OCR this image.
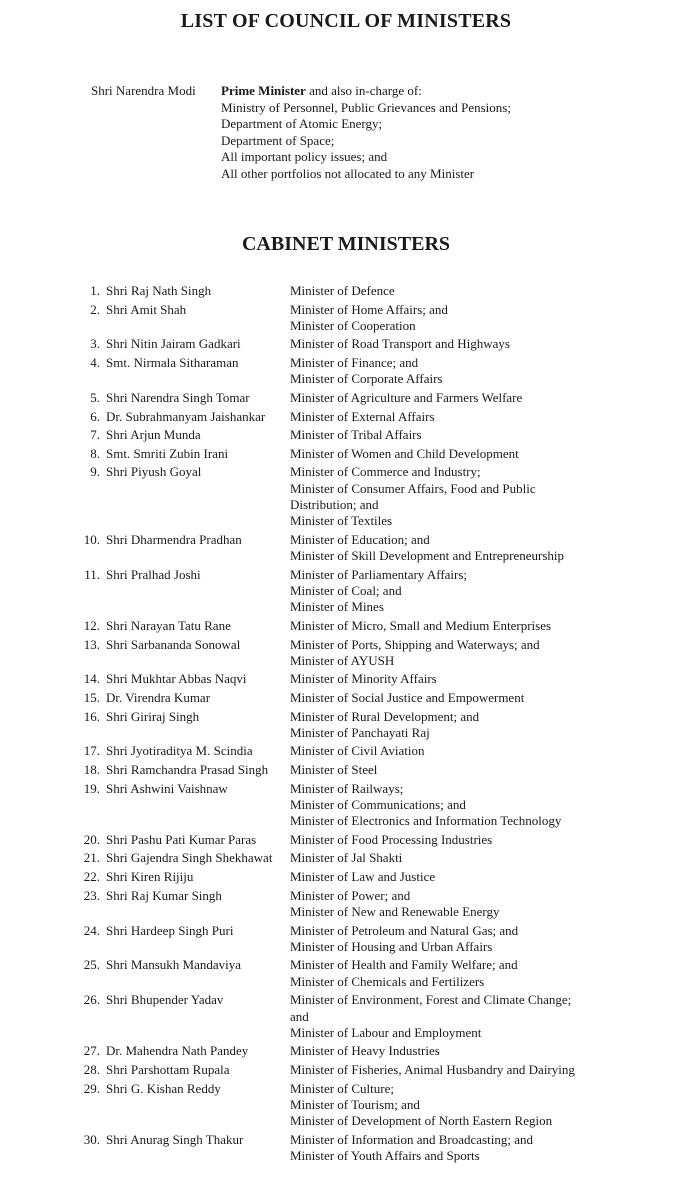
LIST OF COUNCIL OF MINISTERS
Shri Narendra Modi Prime Minister and also in-charge of:
Ministry of Personnel, Public Grievances and Pensions;
Department of Atomic Energy;
Department of Space;
All important policy issues; and
All other portfolios not allocated to any Minister
CABINET MINISTERS
1. Shri Raj Nath Singh	Minister of Defence
2. Shri Amit Shah	Minister of Home Affairs; and
Minister of Cooperation
3. Shri Nitin Jairam Gadkari	Minister of Road Transport and Highways
4. Smt. Nirmala Sitharaman	Minister of Finance; and
Minister of Corporate Affairs
5. Shri Narendra Singh Tomar	Minister of Agriculture and Farmers Welfare
6. Dr. Subrahmanyam Jaishankar	Minister of External Affairs
7. Shri Arjun Munda	Minister of Tribal Affairs
8. Smt. Smriti Zubin Irani	Minister of Women and Child Development
9. Shri Piyush Goyal	Minister of Commerce and Industry;
Minister of Consumer Affairs, Food and Public
Distribution; and
Minister of Textiles
10. Shri Dharmendra Pradhan	Minister of Education; and
Minister of Skill Development and Entrepreneurship
11. Shri Pralhad Joshi	Minister of Parliamentary Affairs;
Minister of Coal; and
Minister of Mines
12. Shri Narayan Tatu Rane	Minister of Micro, Small and Medium Enterprises
13. Shri Sarbananda Sonowal	Minister of Ports, Shipping and Waterways; and
Minister of AYUSH
14. Shri Mukhtar Abbas Naqvi	Minister of Minority Affairs
15. Dr. Virendra Kumar	Minister of Social Justice and Empowerment
16. Shri Giriraj Singh	Minister of Rural Development; and
Minister of Panchayati Raj
17. Shri Jyotiraditya M. Scindia	Minister of Civil Aviation
18. Shri Ramchandra Prasad Singh	Minister of Steel
19. Shri Ashwini Vaishnaw	Minister of Railways;
Minister of Communications; and
Minister of Electronics and Information Technology
20. Shri Pashu Pati Kumar Paras	Minister of Food Processing Industries
21. Shri Gajendra Singh Shekhawat	Minister of Jal Shakti
22. Shri Kiren Rijiju	Minister of Law and Justice
23. Shri Raj Kumar Singh	Minister of Power; and
Minister of New and Renewable Energy
24. Shri Hardeep Singh Puri	Minister of Petroleum and Natural Gas; and
Minister of Housing and Urban Affairs
25. Shri Mansukh Mandaviya	Minister of Health and Family Welfare; and
Minister of Chemicals and Fertilizers
26. Shri Bhupender Yadav	Minister of Environment, Forest and Climate Change;
and
Minister of Labour and Employment
27. Dr. Mahendra Nath Pandey	Minister of Heavy Industries
28. Shri Parshottam Rupala	Minister of Fisheries, Animal Husbandry and Dairying
29. Shri G. Kishan Reddy	Minister of Culture;
Minister of Tourism; and
Minister of Development of North Eastern Region
30. Shri Anurag Singh Thakur	Minister of Information and Broadcasting; and
Minister of Youth Affairs and Sports
